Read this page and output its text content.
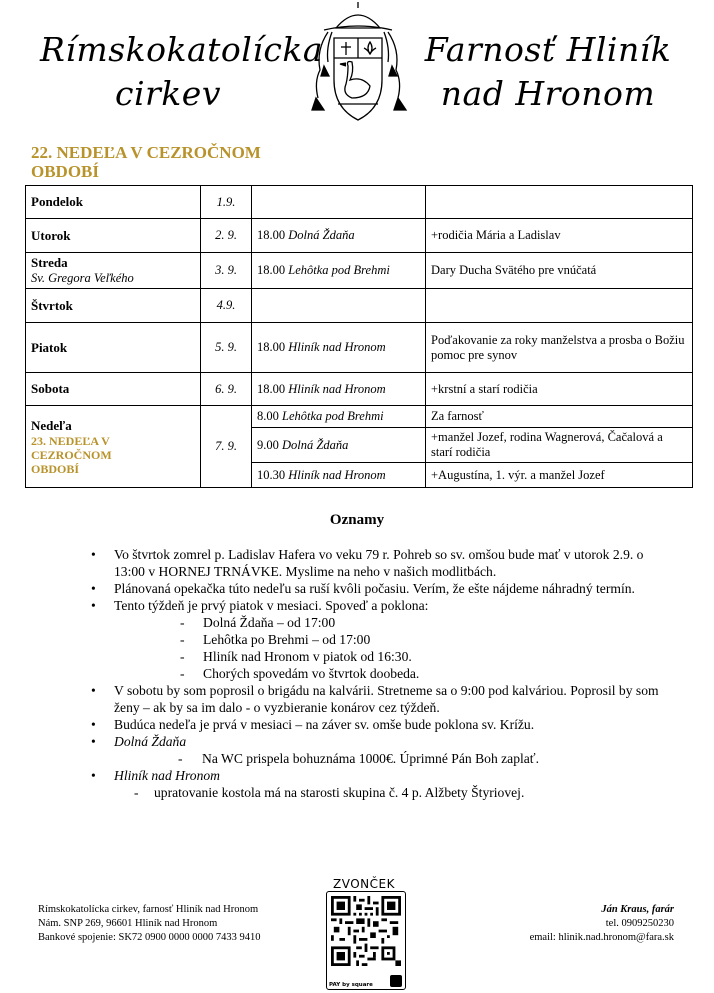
Rímskokatolícka
cirkev
Farnosť Hliník
nad Hronom
22. NEDEĽA V CEZROČNOM OBDOBÍ
Pondelok	1.9.		

Utorok	2. 9.	18.00 Dolná Ždaňa	+rodičia Mária a Ladislav

Streda
Sv. Gregora Veľkého	3. 9.	18.00 Lehôtka pod Brehmi	Dary Ducha Svätého pre vnúčatá

Štvrtok	4.9.		

Piatok	5. 9.	18.00 Hliník nad Hronom	Poďakovanie za roky manželstva a prosba o Božiu pomoc pre synov

Sobota	6. 9.	18.00 Hliník nad Hronom	+krstní a starí rodičia

Nedeľa
23. NEDEĽA V CEZROČNOM OBDOBÍ	7. 9.	8.00 Lehôtka pod Brehmi	Za farnosť
		9.00 Dolná Ždaňa	+manžel Jozef, rodina Wagnerová, Čačalová a starí rodičia
		10.30 Hliník nad Hronom	+Augustína, 1. výr. a manžel Jozef
Oznamy
• Vo štvrtok zomrel p. Ladislav Hafera vo veku 79 r. Pohreb so sv. omšou bude mať v utorok 2.9. o 13:00 v HORNEJ TRNÁVKE. Myslime na neho v našich modlitbách.
• Plánovaná opekačka túto nedeľu sa ruší kvôli počasiu. Verím, že ešte nájdeme náhradný termín.
• Tento týždeň je prvý piatok v mesiaci. Spoveď a poklona:
- Dolná Ždaňa – od 17:00
- Lehôtka po Brehmi – od 17:00
- Hliník nad Hronom v piatok od 16:30.
- Chorých spovedám vo štvrtok doobeda.
• V sobotu by som poprosil o brigádu na kalvárii. Stretneme sa o 9:00 pod kalváriou. Poprosil by som ženy – ak by sa im dalo - o vyzbieranie konárov cez týždeň.
• Budúca nedeľa je prvá v mesiaci – na záver sv. omše bude poklona sv. Krížu.
• Dolná Ždaňa
- Na WC prispela bohuznáma 1000€. Úprimné Pán Boh zaplať.
• Hliník nad Hronom
- upratovanie kostola má na starosti skupina č. 4 p. Alžbety Štyriovej.
Rímskokatolícka cirkev, farnosť Hliník nad Hronom
Nám. SNP 269, 96601 Hliník nad Hronom
Bankové spojenie: SK72 0900 0000 0000 7433 9410
ZVONČEK
PAY by square
Ján Kraus, farár
tel. 0909250230
email: hlinik.nad.hronom@fara.sk
